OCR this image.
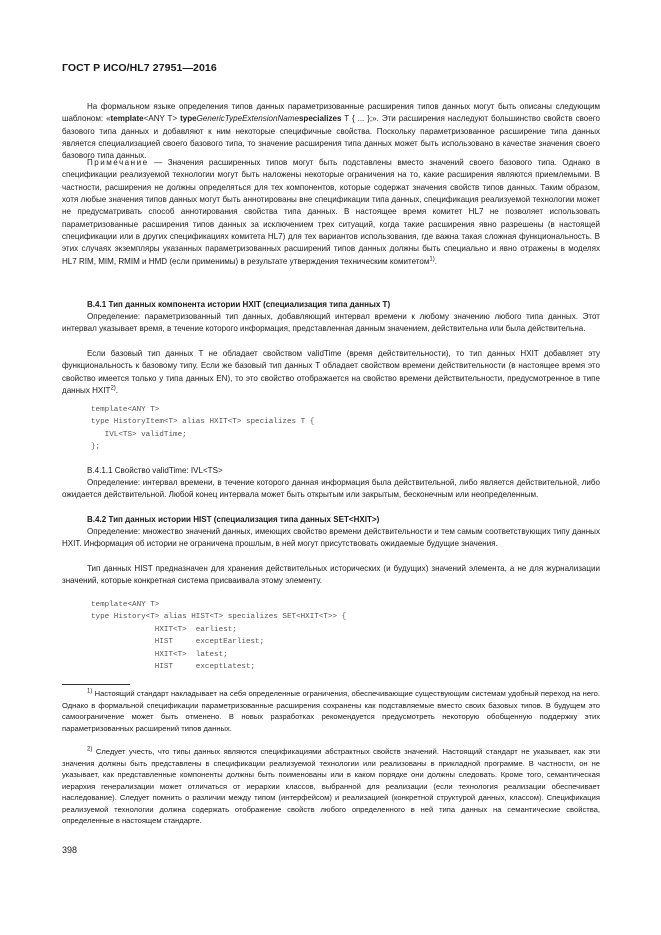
ГОСТ Р ИСО/HL7 27951—2016
На формальном языке определения типов данных параметризованные расширения типов данных могут быть описаны следующим шаблоном: «template<ANY T> typeGenericTypeExtensionNamespecializes T { ... };». Эти расширения наследуют большинство свойств своего базового типа данных и добавляют к ним некоторые специфичные свойства. Поскольку параметризованное расширение типа данных является специализацией своего базового типа, то значение расширения типа данных может быть использовано в качестве значения своего базового типа данных.
Примечание — Значения расширенных типов могут быть подставлены вместо значений своего базового типа. Однако в спецификации реализуемой технологии могут быть наложены некоторые ограничения на то, какие расширения являются приемлемыми. В частности, расширения не должны определяться для тех компонентов, которые содержат значения свойств типов данных. Таким образом, хотя любые значения типов данных могут быть аннотированы вне спецификации типа данных, спецификация реализуемой технологии может не предусматривать способ аннотирования свойства типа данных. В настоящее время комитет HL7 не позволяет использовать параметризованные расширения типов данных за исключением трех ситуаций, когда такие расширения явно разрешены (в настоящей спецификации или в других спецификациях комитета HL7) для тех вариантов использования, где важна такая сложная функциональность. В этих случаях экземпляры указанных параметризованных расширений типов данных должны быть специально и явно отражены в моделях HL7 RIM, MIM, RMIM и HMD (если применимы) в результате утверждения техническим комитетом$^{1)}$.
B.4.1 Тип данных компонента истории HXIT (специализация типа данных T)
Определение: параметризованный тип данных, добавляющий интервал времени к любому значению любого типа данных. Этот интервал указывает время, в течение которого информация, представленная данным значением, действительна или была действительна.
Если базовый тип данных T не обладает свойством validTime (время действительности), то тип данных HXIT добавляет эту функциональность к базовому типу. Если же базовый тип данных T обладает свойством времени действительности (в настоящее время это свойство имеется только у типа данных EN), то это свойство отображается на свойство времени действительности, предусмотренное в типе данных HXIT$^{2)}$.
template<ANY T>
type HistoryItem<T> alias HXIT<T> specializes T {
IVL<TS> validTime;
};
B.4.1.1 Свойство validTime: IVL<TS>
Определение: интервал времени, в течение которого данная информация была действительной, либо является действительной, либо ожидается действительной. Любой конец интервала может быть открытым или закрытым, бесконечным или неопределенным.
B.4.2 Тип данных истории HIST (специализация типа данных SET<HXIT>)
Определение: множество значений данных, имеющих свойство времени действительности и тем самым соответствующих типу данных HXIT. Информация об истории не ограничена прошлым, в ней могут присутствовать ожидаемые будущие значения.
Тип данных HIST предназначен для хранения действительных исторических (и будущих) значений элемента, а не для журнализации значений, которые конкретная система присваивала этому элементу.
template<ANY T>
type History<T> alias HIST<T> specializes SET<HXIT<T>> {
HXIT<T>  earliest;
HIST     exceptEarliest;
HXIT<T>  latest;
HIST     exceptLatest;
$^{1)}$ Настоящий стандарт накладывает на себя определенные ограничения, обеспечивающие существующим системам удобный переход на него. Однако в формальной спецификации параметризованные расширения сохранены как подставляемые вместо своих базовых типов. В будущем это самоограничение может быть отменено. В новых разработках рекомендуется предусмотреть некоторую обобщенную поддержку этих параметризованных расширений типов данных.
$^{2)}$ Следует учесть, что типы данных являются спецификациями абстрактных свойств значений. Настоящий стандарт не указывает, как эти значения должны быть представлены в спецификации реализуемой технологии или реализованы в прикладной программе. В частности, он не указывает, как представленные компоненты должны быть поименованы или в каком порядке они должны следовать. Кроме того, семантическая иерархия генерализации может отличаться от иерархии классов, выбранной для реализации (если технология реализации обеспечивает наследование). Следует помнить о различии между типом (интерфейсом) и реализацией (конкретной структурой данных, классом). Спецификация реализуемой технологии должна содержать отображение свойств любого определенного в ней типа данных на семантические свойства, определенные в настоящем стандарте.
398
